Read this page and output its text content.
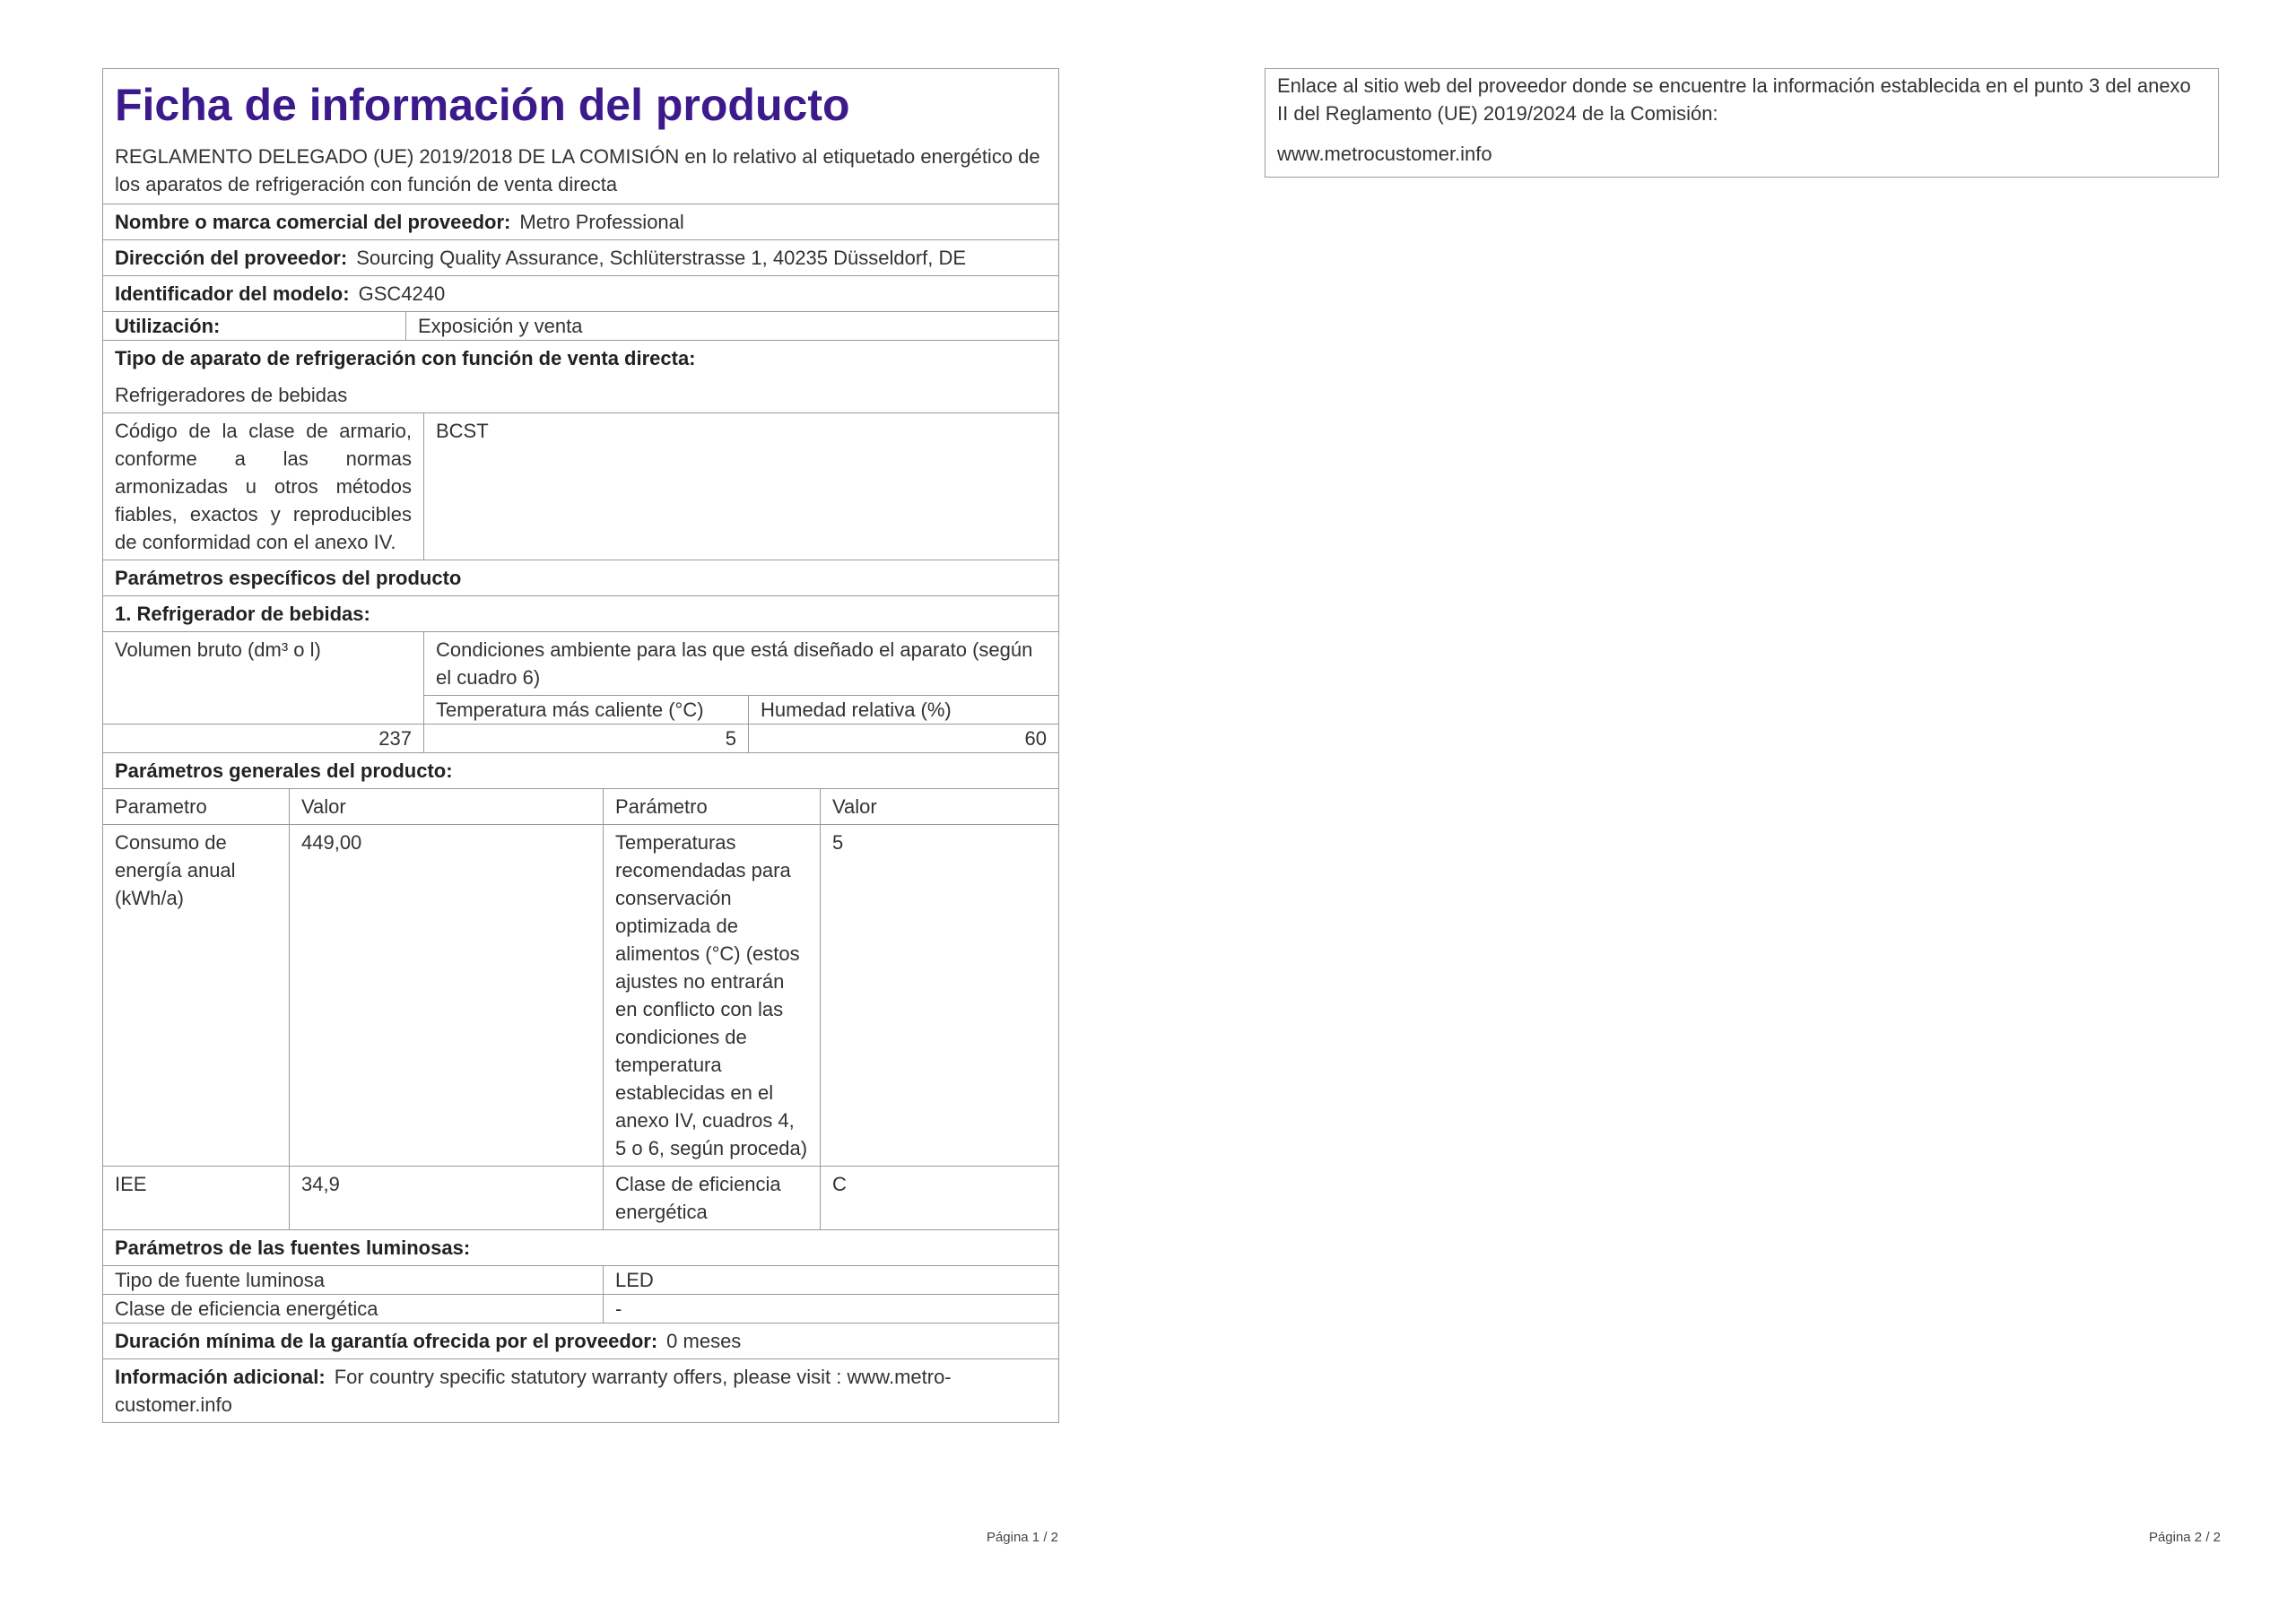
Ficha de información del producto
REGLAMENTO DELEGADO (UE) 2019/2018 DE LA COMISIÓN en lo relativo al etiquetado energético de los aparatos de refrigeración con función de venta directa						

Nombre o marca comercial del proveedor: Metro Professional						
Dirección del proveedor: Sourcing Quality Assurance, Schlüterstrasse 1, 40235 Düsseldorf, DE						
Identificador del modelo: GSC4240						
Utilización:		Exposición y venta				

Tipo de aparato de refrigeración con función de venta directa:
Refrigeradores de bebidas						

Código de la clase de armario, conforme a las normas armonizadas u otros métodos fiables, exactos y reproducibles de conformidad con el anexo IV.			BCST			
Parámetros específicos del producto						
1. Refrigerador de bebidas:						
Volumen bruto (dm³ o l)			Condiciones ambiente para las que está diseñado el aparato (según el cuadro 6)			
			Temperatura más caliente (°C)		Humedad relativa (%)	
237			5		60	
Parámetros generales del producto:						
Parametro	Valor			Parámetro		Valor
Consumo de energía anual (kWh/a)	449,00			Temperaturas recomendadas para conservación optimizada de alimentos (°C) (estos ajustes no entrarán en conflicto con las condiciones de temperatura establecidas en el anexo IV, cuadros 4, 5 o 6, según proceda)		5
IEE	34,9			Clase de eficiencia energética		C
Parámetros de las fuentes luminosas:						
Tipo de fuente luminosa				LED		
Clase de eficiencia energética				-		
Duración mínima de la garantía ofrecida por el proveedor: 0 meses						
Información adicional: For country specific statutory warranty offers, please visit : www.metro-customer.info						
Página 1 / 2

Enlace al sitio web del proveedor donde se encuentre la información establecida en el punto 3 del anexo II del Reglamento (UE) 2019/2024 de la Comisión:

www.metrocustomer.info

Página 2 / 2
